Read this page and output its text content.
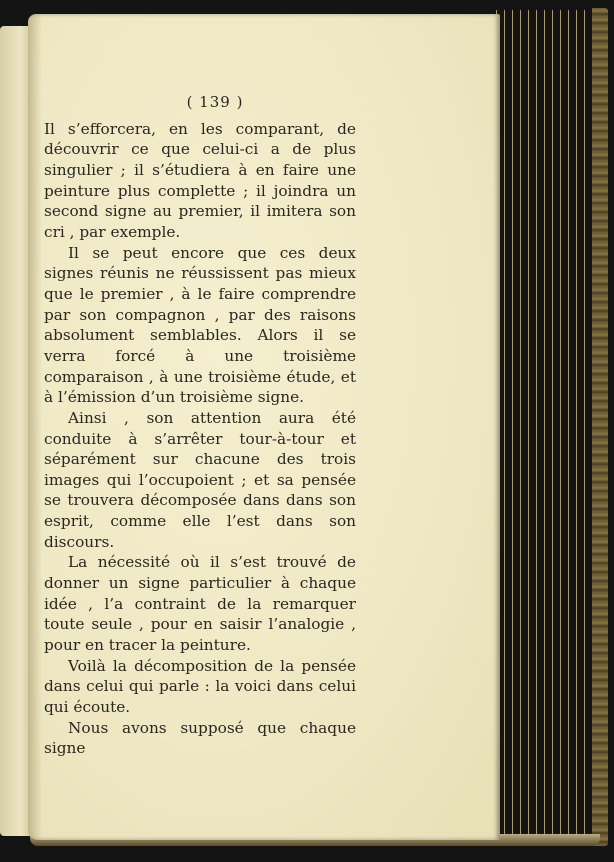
( 139 )

Il s’efforcera, en les comparant, de découvrir ce que celui-ci a de plus singulier ; il s’étudiera à en faire une peinture plus complette ; il joindra un second signe au premier, il imitera son cri , par exemple.

Il se peut encore que ces deux signes réunis ne réussissent pas mieux que le premier , à le faire comprendre par son compagnon , par des raisons absolument semblables. Alors il se verra forcé à une troisième comparaison , à une troisième étude, et à l’émission d’un troisième signe.

Ainsi , son attention aura été conduite à s’arrêter tour-à-tour et séparément sur chacune des trois images qui l’occupoient ; et sa pensée se trouvera décomposée dans dans son esprit, comme elle l’est dans son discours.

La nécessité où il s’est trouvé de donner un signe particulier à chaque idée , l’a contraint de la remarquer toute seule , pour en saisir l’analogie , pour en tracer la peinture.

Voilà la décomposition de la pensée dans celui qui parle : la voici dans celui qui écoute.

Nous avons supposé que chaque signe
